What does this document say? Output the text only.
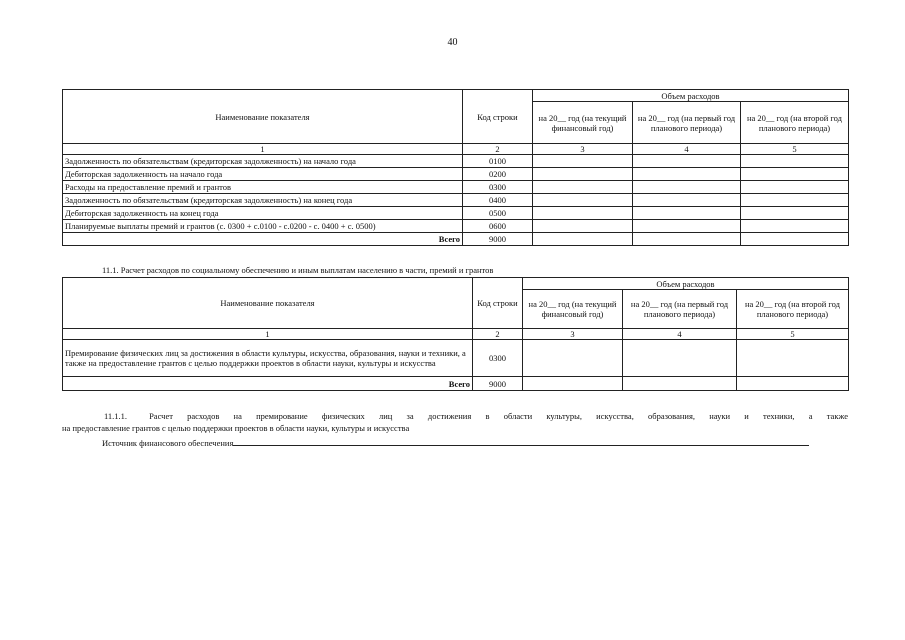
40
Наименование показателя	Код строки	Объем расходов		
		на 20__ год (на текущий финансовый год)	на 20__ год (на первый год планового периода)	на 20__ год (на второй год планового периода)
1	2	3	4	5
Задолженность по обязательствам (кредиторская задолженность) на начало года	0100			
Дебиторская задолженность на начало года	0200			
Расходы на предоставление премий и грантов	0300			
Задолженность по обязательствам (кредиторская задолженность) на конец года	0400			
Дебиторская задолженность на конец года	0500			
Планируемые выплаты премий и грантов (с. 0300 + с.0100 - с.0200 - с. 0400 + с. 0500)	0600			
Всего	9000			
11.1. Расчет расходов по социальному обеспечению и иным выплатам населению в части, премий и грантов
Наименование показателя	Код строки	Объем расходов		
		на 20__ год (на текущий финансовый год)	на 20__ год (на первый год планового периода)	на 20__ год (на второй год планового периода)
1	2	3	4	5
Премирование физических лиц за достижения в области культуры, искусства, образования, науки и техники, а также на предоставление грантов с целью поддержки проектов в области науки, культуры и искусства	0300			
Всего	9000			
11.1.1.	Расчет расходов на премирование физических лиц за достижения в области культуры, искусства, образования, науки и техники, а также
на предоставление грантов с целью поддержки проектов в области науки, культуры и искусства
Источник финансового обеспечения
